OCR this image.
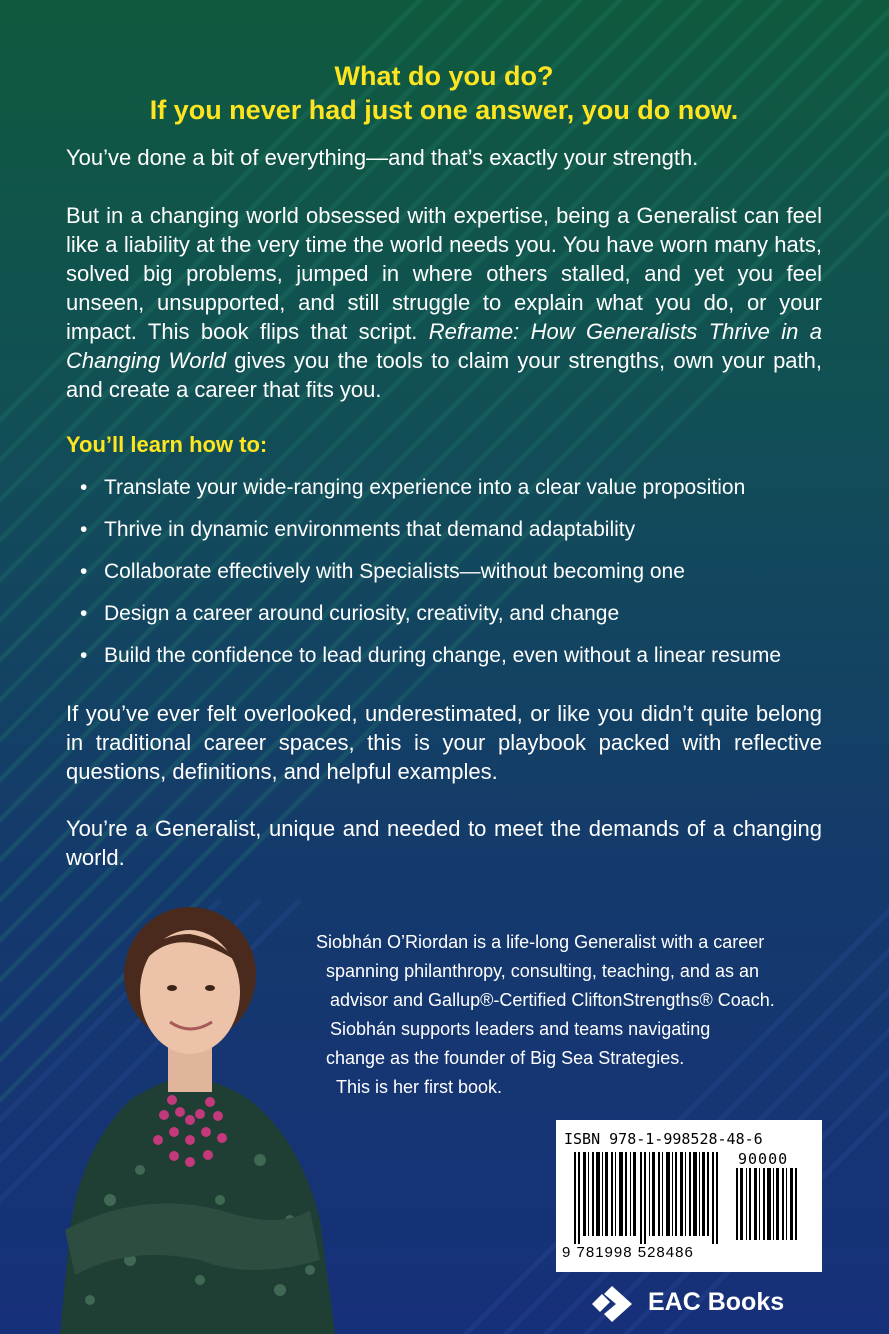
What do you do?
If you never had just one answer, you do now.
You’ve done a bit of everything—and that’s exactly your strength.
But in a changing world obsessed with expertise, being a Generalist can feel like a liability at the very time the world needs you. You have worn many hats, solved big problems, jumped in where others stalled, and yet you feel unseen, unsupported, and still struggle to explain what you do, or your impact. This book flips that script. Reframe: How Generalists Thrive in a Changing World gives you the tools to claim your strengths, own your path, and create a career that fits you.
You’ll learn how to:
• Translate your wide-ranging experience into a clear value proposition
• Thrive in dynamic environments that demand adaptability
• Collaborate effectively with Specialists—without becoming one
• Design a career around curiosity, creativity, and change
• Build the confidence to lead during change, even without a linear resume
If you’ve ever felt overlooked, underestimated, or like you didn’t quite belong in traditional career spaces, this is your playbook packed with reflective questions, definitions, and helpful examples.
You’re a Generalist, unique and needed to meet the demands of a changing world.
Siobhán O’Riordan is a life-long Generalist with a career
spanning philanthropy, consulting, teaching, and as an
advisor and Gallup®-Certified CliftonStrengths® Coach.
Siobhán supports leaders and teams navigating
change as the founder of Big Sea Strategies.
This is her first book.
ISBN 978-1-998528-48-6
90000
9 781998 528486
EAC Books
